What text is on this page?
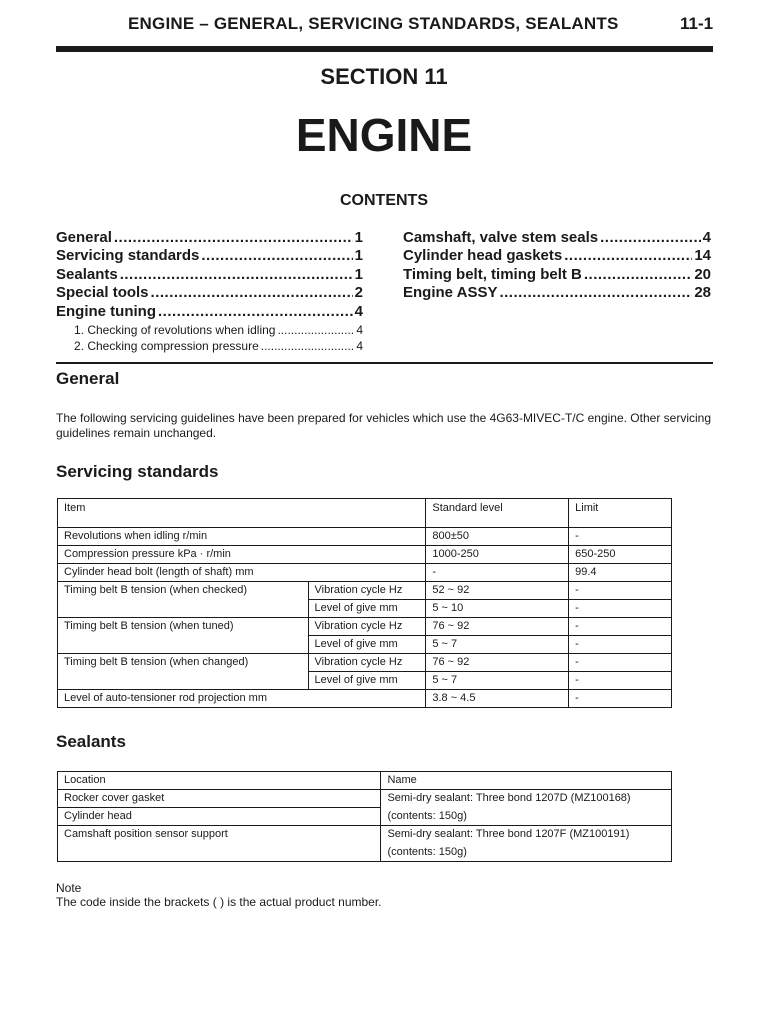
ENGINE – GENERAL, SERVICING STANDARDS, SEALANTS	11-1
SECTION 11
ENGINE
CONTENTS
General .....	1
Servicing standards .....	1
Sealants .....	1
Special tools .....	2
Engine tuning .....	4
1. Checking of revolutions when idling .....	4
2. Checking compression pressure .....	4
Camshaft, valve stem seals .....	4
Cylinder head gaskets .....	14
Timing belt, timing belt B .....	20
Engine ASSY .....	28
General
The following servicing guidelines have been prepared for vehicles which use the 4G63-MIVEC-T/C engine. Other servicing guidelines remain unchanged.
Servicing standards
Item		Standard level	Limit
Revolutions when idling r/min		800±50	-
Compression pressure kPa · r/min		1000-250	650-250
Cylinder head bolt (length of shaft) mm		-	99.4
Timing belt B tension (when checked)	Vibration cycle Hz	52 ~ 92	-
	Level of give mm	5 ~ 10	-
Timing belt B tension (when tuned)	Vibration cycle Hz	76 ~ 92	-
	Level of give mm	5 ~ 7	-
Timing belt B tension (when changed)	Vibration cycle Hz	76 ~ 92	-
	Level of give mm	5 ~ 7	-
Level of auto-tensioner rod projection mm		3.8 ~ 4.5	-
Sealants
Location	Name
Rocker cover gasket	Semi-dry sealant: Three bond 1207D (MZ100168)
Cylinder head	(contents: 150g)
Camshaft position sensor support	Semi-dry sealant: Three bond 1207F (MZ100191)
	(contents: 150g)
Note
The code inside the brackets ( ) is the actual product number.
